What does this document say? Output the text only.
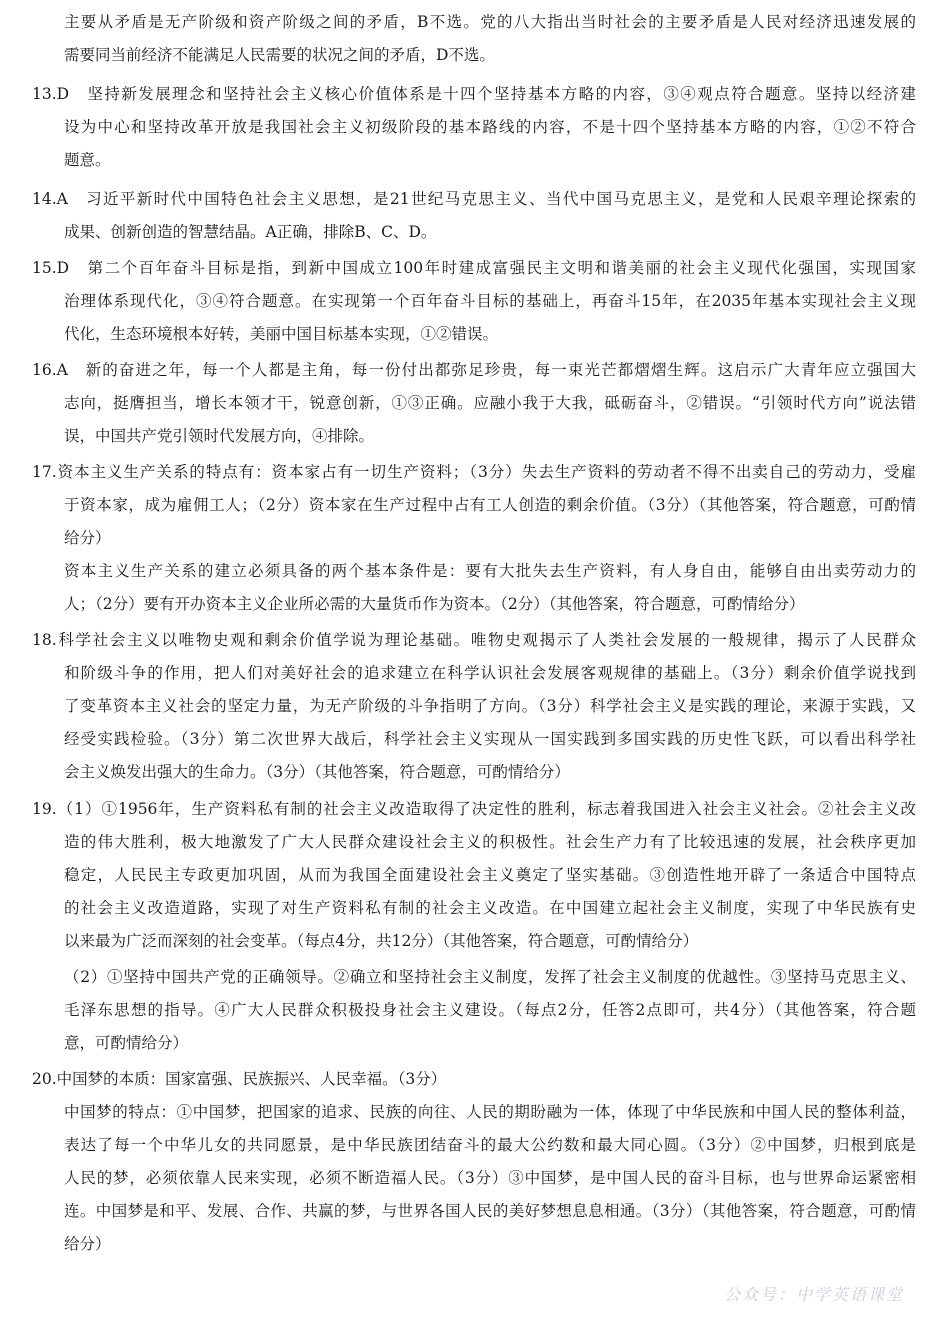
主要从矛盾是无产阶级和资产阶级之间的矛盾，B不选。党的八大指出当时社会的主要矛盾是人民对经济迅速发展的
需要同当前经济不能满足人民需要的状况之间的矛盾，D不选。
13.D　坚持新发展理念和坚持社会主义核心价值体系是十四个坚持基本方略的内容，③④观点符合题意。坚持以经济建
设为中心和坚持改革开放是我国社会主义初级阶段的基本路线的内容，不是十四个坚持基本方略的内容，①②不符合
题意。
14.A　习近平新时代中国特色社会主义思想，是21世纪马克思主义、当代中国马克思主义，是党和人民艰辛理论探索的
成果、创新创造的智慧结晶。A正确，排除B、C、D。
15.D　第二个百年奋斗目标是指，到新中国成立100年时建成富强民主文明和谐美丽的社会主义现代化强国，实现国家
治理体系现代化，③④符合题意。在实现第一个百年奋斗目标的基础上，再奋斗15年，在2035年基本实现社会主义现
代化，生态环境根本好转，美丽中国目标基本实现，①②错误。
16.A　新的奋进之年，每一个人都是主角，每一份付出都弥足珍贵，每一束光芒都熠熠生辉。这启示广大青年应立强国大
志向，挺膺担当，增长本领才干，锐意创新，①③正确。应融小我于大我，砥砺奋斗，②错误。“引领时代方向”说法错
误，中国共产党引领时代发展方向，④排除。
17.资本主义生产关系的特点有：资本家占有一切生产资料；（3分）失去生产资料的劳动者不得不出卖自己的劳动力，受雇
于资本家，成为雇佣工人；（2分）资本家在生产过程中占有工人创造的剩余价值。（3分）（其他答案，符合题意，可酌情
给分）
资本主义生产关系的建立必须具备的两个基本条件是：要有大批失去生产资料，有人身自由，能够自由出卖劳动力的
人；（2分）要有开办资本主义企业所必需的大量货币作为资本。（2分）（其他答案，符合题意，可酌情给分）
18.科学社会主义以唯物史观和剩余价值学说为理论基础。唯物史观揭示了人类社会发展的一般规律，揭示了人民群众
和阶级斗争的作用，把人们对美好社会的追求建立在科学认识社会发展客观规律的基础上。（3分）剩余价值学说找到
了变革资本主义社会的坚定力量，为无产阶级的斗争指明了方向。（3分）科学社会主义是实践的理论，来源于实践，又
经受实践检验。（3分）第二次世界大战后，科学社会主义实现从一国实践到多国实践的历史性飞跃，可以看出科学社
会主义焕发出强大的生命力。（3分）（其他答案，符合题意，可酌情给分）
19.（1）①1956年，生产资料私有制的社会主义改造取得了决定性的胜利，标志着我国进入社会主义社会。②社会主义改
造的伟大胜利，极大地激发了广大人民群众建设社会主义的积极性。社会生产力有了比较迅速的发展，社会秩序更加
稳定，人民民主专政更加巩固，从而为我国全面建设社会主义奠定了坚实基础。③创造性地开辟了一条适合中国特点
的社会主义改造道路，实现了对生产资料私有制的社会主义改造。在中国建立起社会主义制度，实现了中华民族有史
以来最为广泛而深刻的社会变革。（每点4分，共12分）（其他答案，符合题意，可酌情给分）
（2）①坚持中国共产党的正确领导。②确立和坚持社会主义制度，发挥了社会主义制度的优越性。③坚持马克思主义、
毛泽东思想的指导。④广大人民群众积极投身社会主义建设。（每点2分，任答2点即可，共4分）（其他答案，符合题
意，可酌情给分）
20.中国梦的本质：国家富强、民族振兴、人民幸福。（3分）
中国梦的特点：①中国梦，把国家的追求、民族的向往、人民的期盼融为一体，体现了中华民族和中国人民的整体利益，
表达了每一个中华儿女的共同愿景，是中华民族团结奋斗的最大公约数和最大同心圆。（3分）②中国梦，归根到底是
人民的梦，必须依靠人民来实现，必须不断造福人民。（3分）③中国梦，是中国人民的奋斗目标，也与世界命运紧密相
连。中国梦是和平、发展、合作、共赢的梦，与世界各国人民的美好梦想息息相通。（3分）（其他答案，符合题意，可酌情
给分）
公众号：中学英语课堂
